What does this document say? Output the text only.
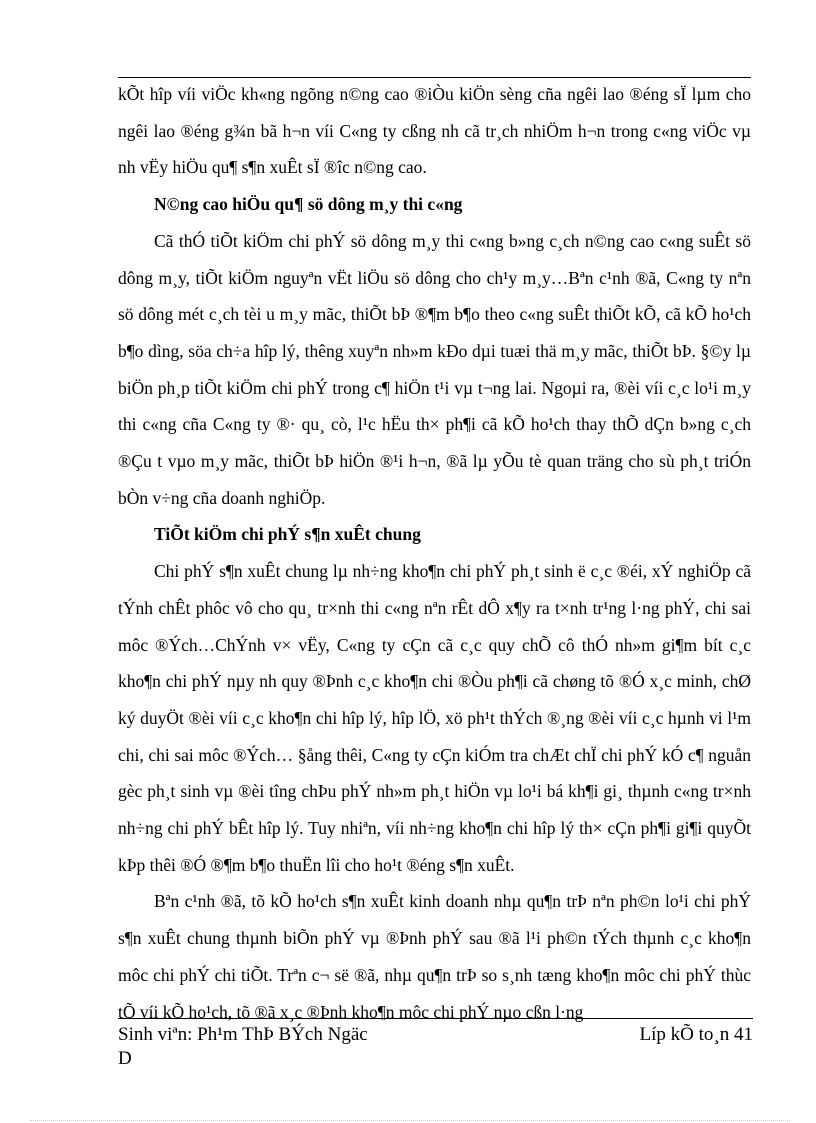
kÕt hîp víi viÖc kh«ng ngõng n©ng cao ®iÒu kiÖn sèng cña ngêi lao ®éng sÏ lµm cho ngêi lao ®éng g¾n bã h¬n víi C«ng ty cßng nh cã tr¸ch nhiÖm h¬n trong c«ng viÖc vµ nh vËy hiÖu qu¶ s¶n xuÊt sÏ ®îc n©ng cao.

N©ng cao hiÖu qu¶ sö dông m¸y thi c«ng

Cã thÓ tiÕt kiÖm chi phÝ sö dông m¸y thi c«ng b»ng c¸ch n©ng cao c«ng suÊt sö dông m¸y, tiÕt kiÖm nguyªn vËt liÖu sö dông cho ch¹y m¸y…Bªn c¹nh ®ã, C«ng ty nªn sö dông mét c¸ch tèi u m¸y mãc, thiÕt bÞ ®¶m b¶o theo c«ng suÊt thiÕt kÕ, cã kÕ ho¹ch b¶o dìng, söa ch÷a hîp lý, thêng xuyªn nh»m kÐo dµi tuæi thä m¸y mãc, thiÕt bÞ. §©y lµ biÖn ph¸p tiÕt kiÖm chi phÝ trong c¶ hiÖn t¹i vµ t¬ng lai. Ngoµi ra, ®èi víi c¸c lo¹i m¸y thi c«ng cña C«ng ty ®· qu¸ cò, l¹c hËu th× ph¶i cã kÕ ho¹ch thay thÕ dÇn b»ng c¸ch ®Çu t vµo m¸y mãc, thiÕt bÞ hiÖn ®¹i h¬n, ®ã lµ yÕu tè quan träng cho sù ph¸t triÓn bÒn v÷ng cña doanh nghiÖp.

TiÕt kiÖm chi phÝ s¶n xuÊt chung

Chi phÝ s¶n xuÊt chung lµ nh÷ng kho¶n chi phÝ ph¸t sinh ë c¸c ®éi, xÝ nghiÖp cã tÝnh chÊt phôc vô cho qu¸ tr×nh thi c«ng nªn rÊt dÔ x¶y ra t×nh tr¹ng l·ng phÝ, chi sai môc ®Ých…ChÝnh v× vËy, C«ng ty cÇn cã c¸c quy chÕ cô thÓ nh»m gi¶m bít c¸c kho¶n chi phÝ nµy nh quy ®Þnh c¸c kho¶n chi ®Òu ph¶i cã chøng tõ ®Ó x¸c minh, chØ ký duyÖt ®èi víi c¸c kho¶n chi hîp lý, hîp lÖ, xö ph¹t thÝch ®¸ng ®èi víi c¸c hµnh vi l¹m chi, chi sai môc ®Ých… §ång thêi, C«ng ty cÇn kiÓm tra chÆt chÏ chi phÝ kÓ c¶ nguån gèc ph¸t sinh vµ ®èi tîng chÞu phÝ nh»m ph¸t hiÖn vµ lo¹i bá kh¶i gi¸ thµnh c«ng tr×nh nh÷ng chi phÝ bÊt hîp lý. Tuy nhiªn, víi nh÷ng kho¶n chi hîp lý th× cÇn ph¶i gi¶i quyÕt kÞp thêi ®Ó ®¶m b¶o thuËn lîi cho ho¹t ®éng s¶n xuÊt.

Bªn c¹nh ®ã, tõ kÕ ho¹ch s¶n xuÊt kinh doanh nhµ qu¶n trÞ nªn ph©n lo¹i chi phÝ s¶n xuÊt chung thµnh biÕn phÝ vµ ®Þnh phÝ sau ®ã l¹i ph©n tÝch thµnh c¸c kho¶n môc chi phÝ chi tiÕt. Trªn c¬ së ®ã, nhµ qu¶n trÞ so s¸nh tæng kho¶n môc chi phÝ thùc tÕ víi kÕ ho¹ch, tõ ®ã x¸c ®Þnh kho¶n môc chi phÝ nµo cßn l·ng

Sinh viªn: Ph¹m ThÞ BÝch Ngäc	Líp kÕ to¸n 41
D
